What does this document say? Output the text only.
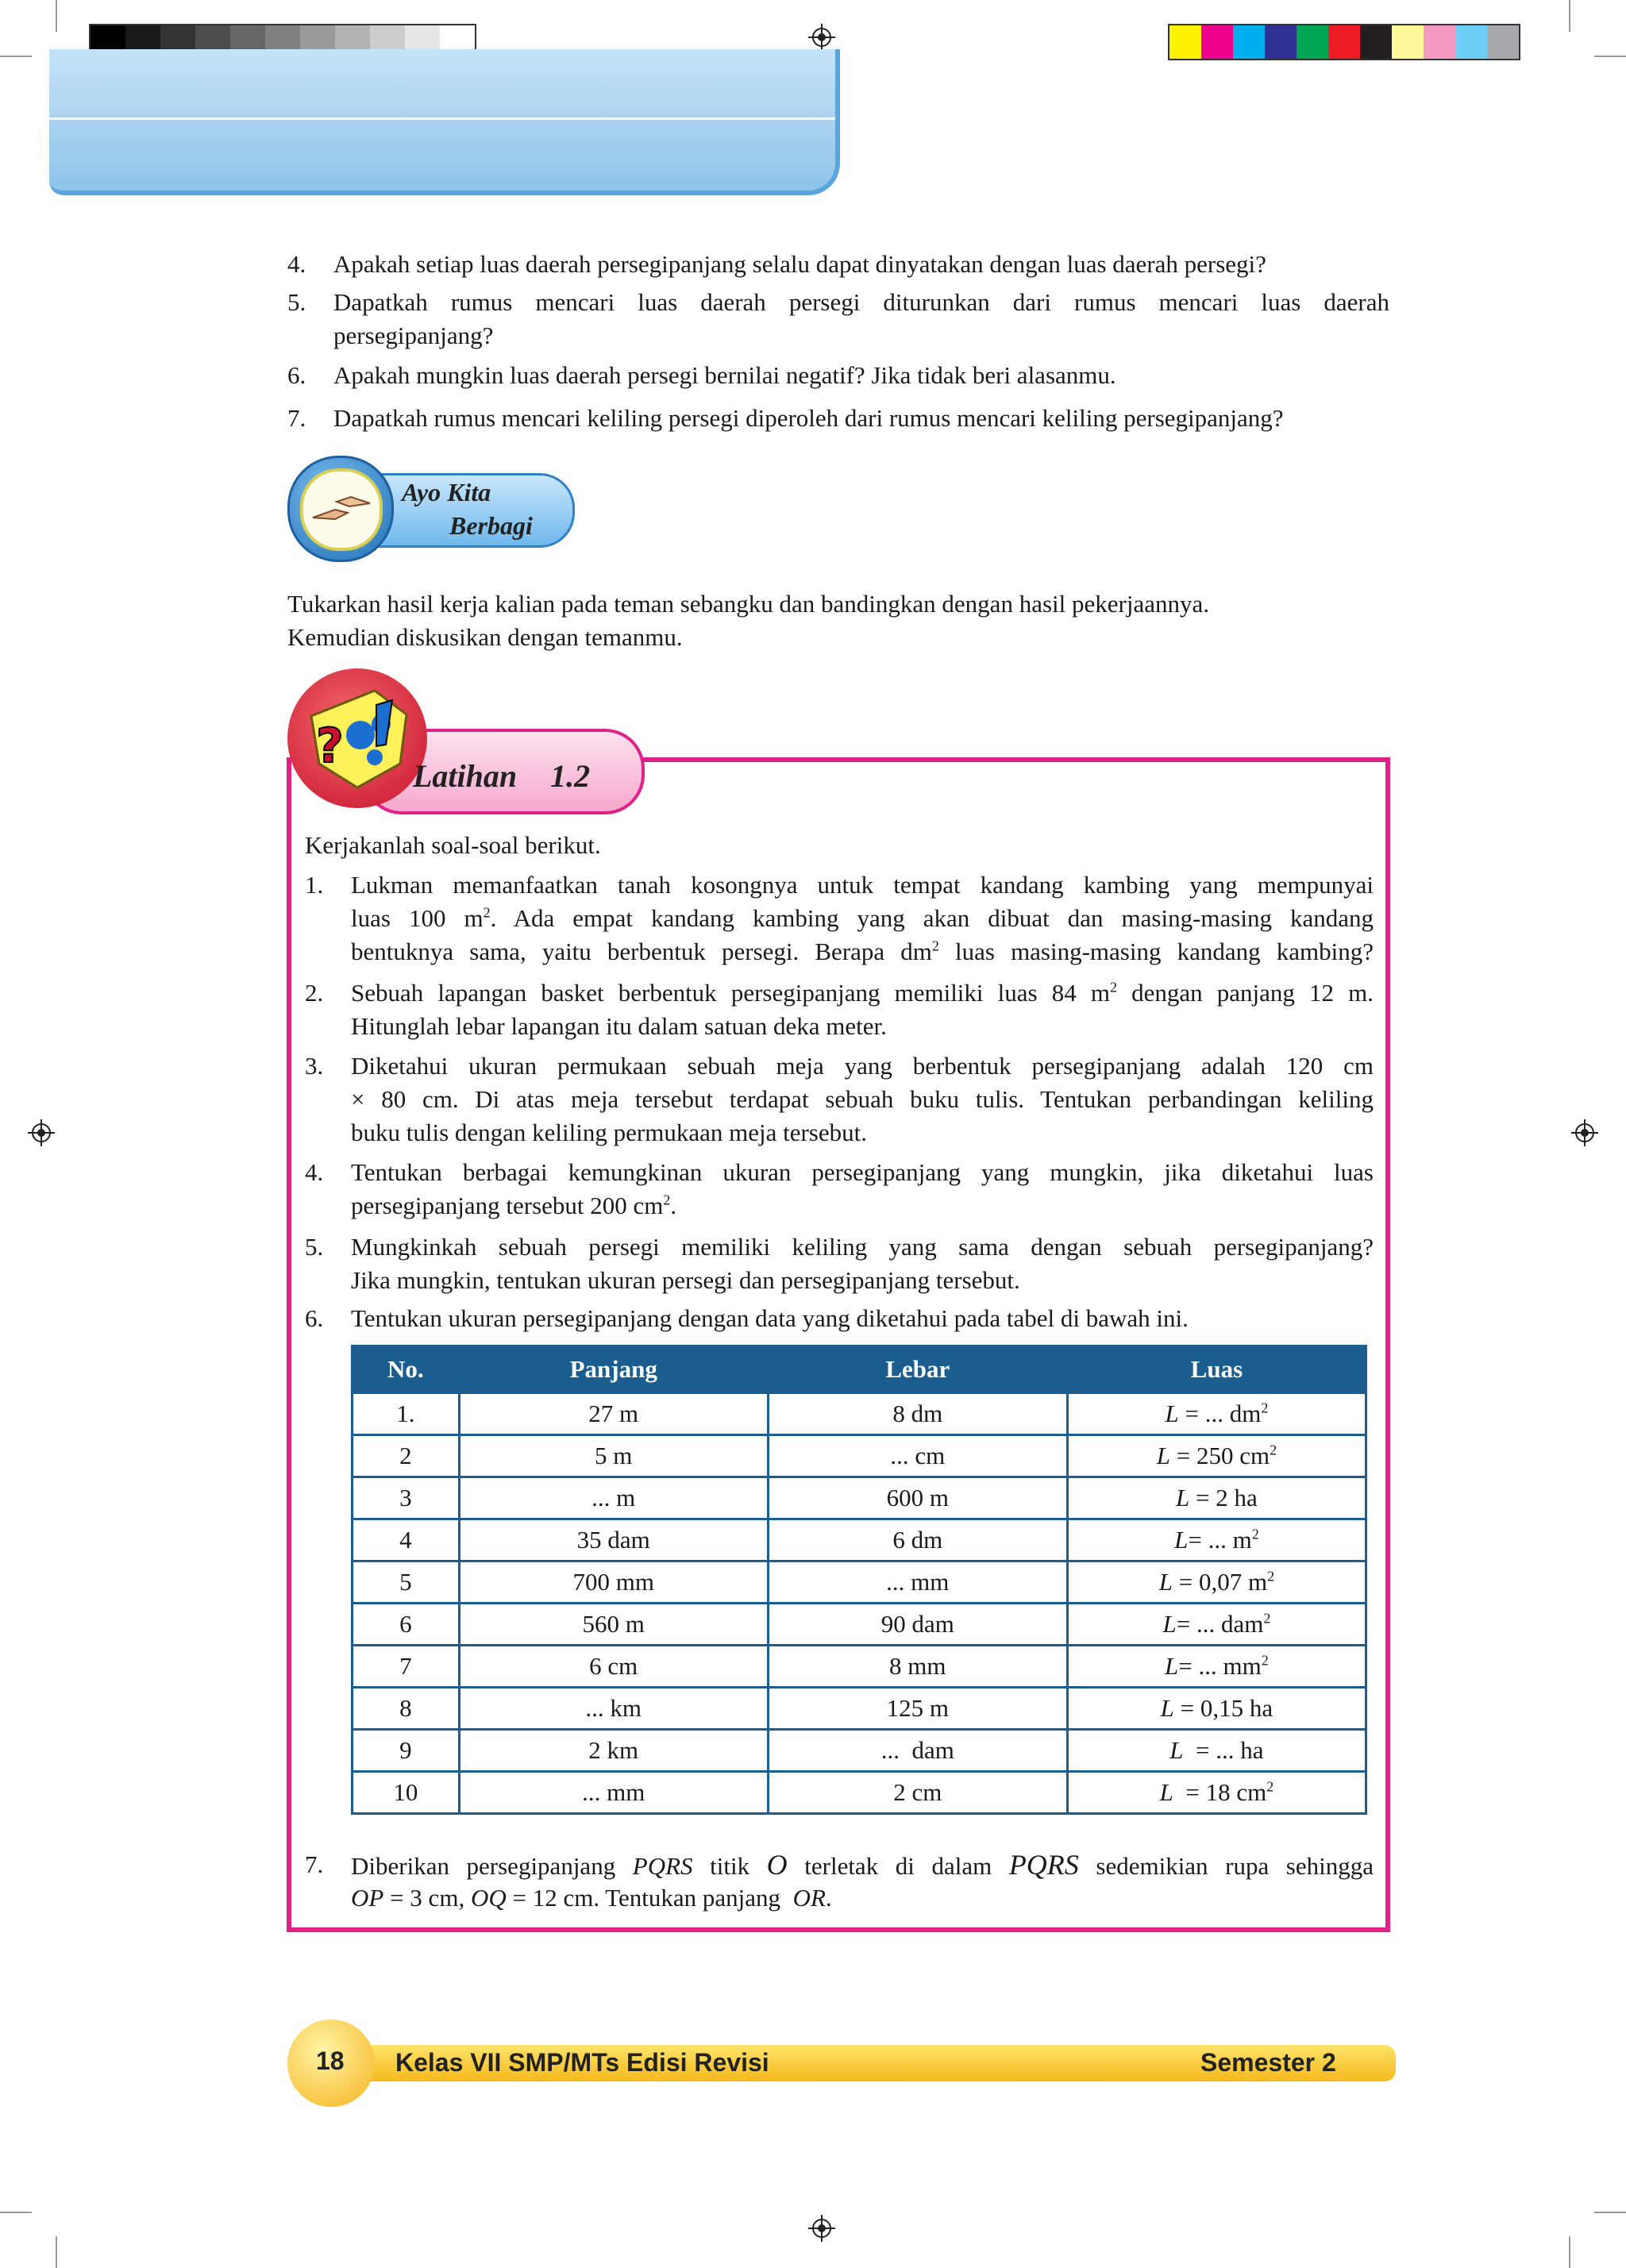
4. Apakah setiap luas daerah persegipanjang selalu dapat dinyatakan dengan luas daerah persegi?
5. Dapatkah rumus mencari luas daerah persegi diturunkan dari rumus mencari luas daerah
persegipanjang?
6. Apakah mungkin luas daerah persegi bernilai negatif? Jika tidak beri alasanmu.
7. Dapatkah rumus mencari keliling persegi diperoleh dari rumus mencari keliling persegipanjang?
Ayo Kita
Berbagi
Tukarkan hasil kerja kalian pada teman sebangku dan bandingkan dengan hasil pekerjaannya.
Kemudian diskusikan dengan temanmu.
?
Latihan 1.2
Kerjakanlah soal-soal berikut.
1. Lukman memanfaatkan tanah kosongnya untuk tempat kandang kambing yang mempunyai
luas 100 $m^2$. Ada empat kandang kambing yang akan dibuat dan masing-masing kandang
bentuknya sama, yaitu berbentuk persegi. Berapa $dm^2$ luas masing-masing kandang kambing?
2. Sebuah lapangan basket berbentuk persegipanjang memiliki luas 84 $m^2$ dengan panjang 12 m.
Hitunglah lebar lapangan itu dalam satuan deka meter.
3. Diketahui ukuran permukaan sebuah meja yang berbentuk persegipanjang adalah 120 cm
× 80 cm. Di atas meja tersebut terdapat sebuah buku tulis. Tentukan perbandingan keliling
buku tulis dengan keliling permukaan meja tersebut.
4. Tentukan berbagai kemungkinan ukuran persegipanjang yang mungkin, jika diketahui luas
persegipanjang tersebut 200 $cm^2$.
5. Mungkinkah sebuah persegi memiliki keliling yang sama dengan sebuah persegipanjang?
Jika mungkin, tentukan ukuran persegi dan persegipanjang tersebut.
6. Tentukan ukuran persegipanjang dengan data yang diketahui pada tabel di bawah ini.
No.	Panjang	Lebar	Luas
1.	27 m	8 dm	L = ... $dm^2$
2	5 m	... cm	L = 250 $cm^2$
3	... m	600 m	L = 2 ha
4	35 dam	6 dm	L= ... $m^2$
5	700 mm	... mm	L = 0,07 $m^2$
6	560 m	90 dam	L= ... dam$^2$
7	6 cm	8 mm	L= ... $mm^2$
8	... km	125 m	L = 0,15 ha
9	2 km	...  dam	L  = ... ha
10	... mm	2 cm	L  = 18 $cm^2$
7. Diberikan persegipanjang PQRS titik O terletak di dalam PQRS sedemikian rupa sehingga
OP = 3 cm, OQ = 12 cm. Tentukan panjang  OR.
18 Kelas VII SMP/MTs Edisi Revisi	Semester 2
